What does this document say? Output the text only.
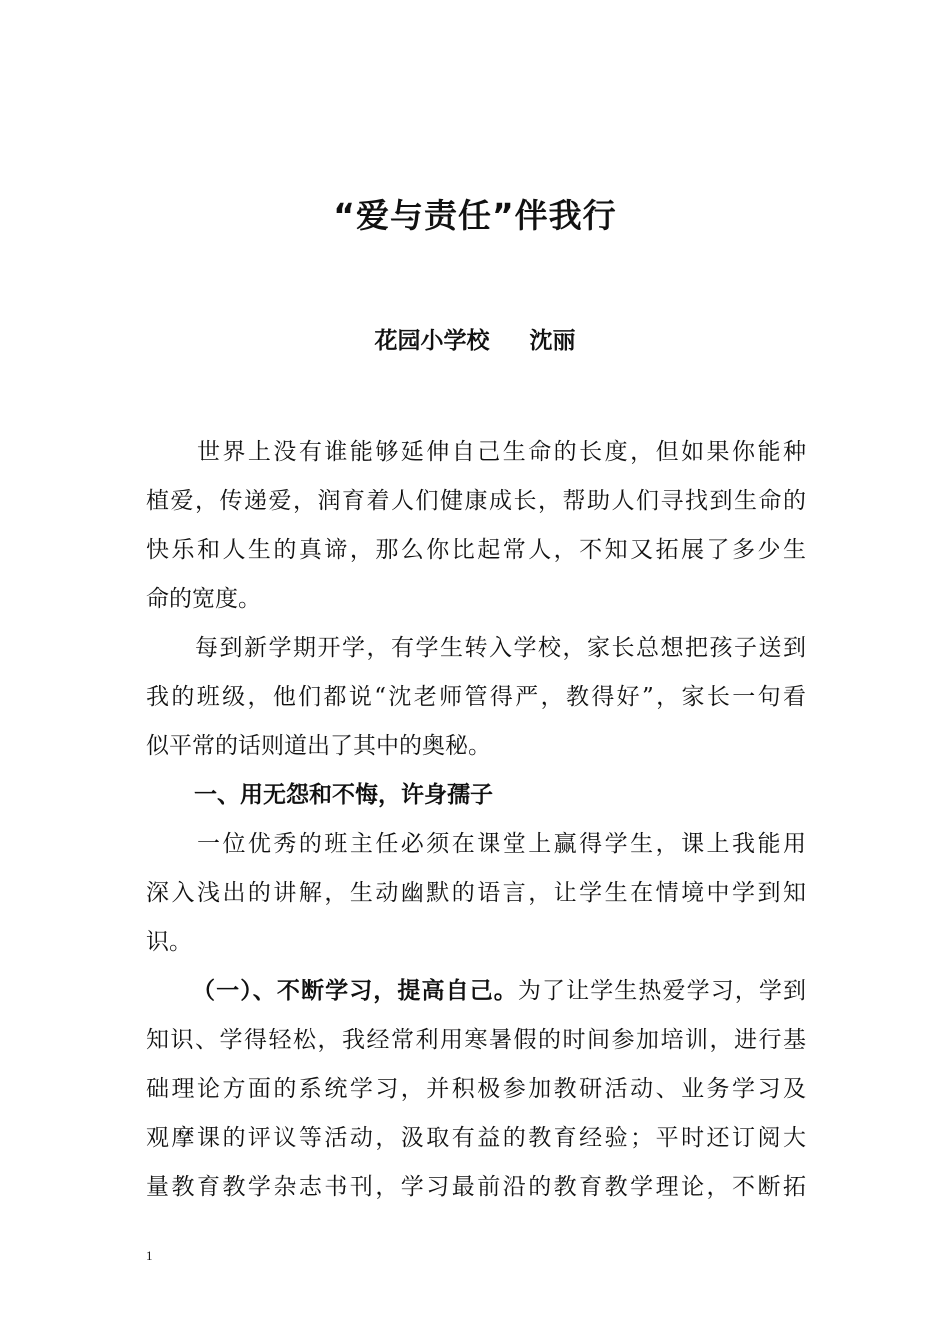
“爱与责任”伴我行
花园小学校     沈丽
　　世界上没有谁能够延伸自己生命的长度，但如果你能种
植爱，传递爱，润育着人们健康成长，帮助人们寻找到生命的
快乐和人生的真谛，那么你比起常人，不知又拓展了多少生
命的宽度。
　　每到新学期开学，有学生转入学校，家长总想把孩子送到
我的班级，他们都说“沈老师管得严，教得好”，家长一句看
似平常的话则道出了其中的奥秘。
一、用无怨和不悔，许身孺子
　　一位优秀的班主任必须在课堂上赢得学生，课上我能用
深入浅出的讲解，生动幽默的语言，让学生在情境中学到知
识。
（一）、不断学习，提高自己。为了让学生热爱学习，学到
知识、学得轻松，我经常利用寒暑假的时间参加培训，进行基
础理论方面的系统学习，并积极参加教研活动、业务学习及
观摩课的评议等活动，汲取有益的教育经验；平时还订阅大
量教育教学杂志书刊，学习最前沿的教育教学理论，不断拓
1
